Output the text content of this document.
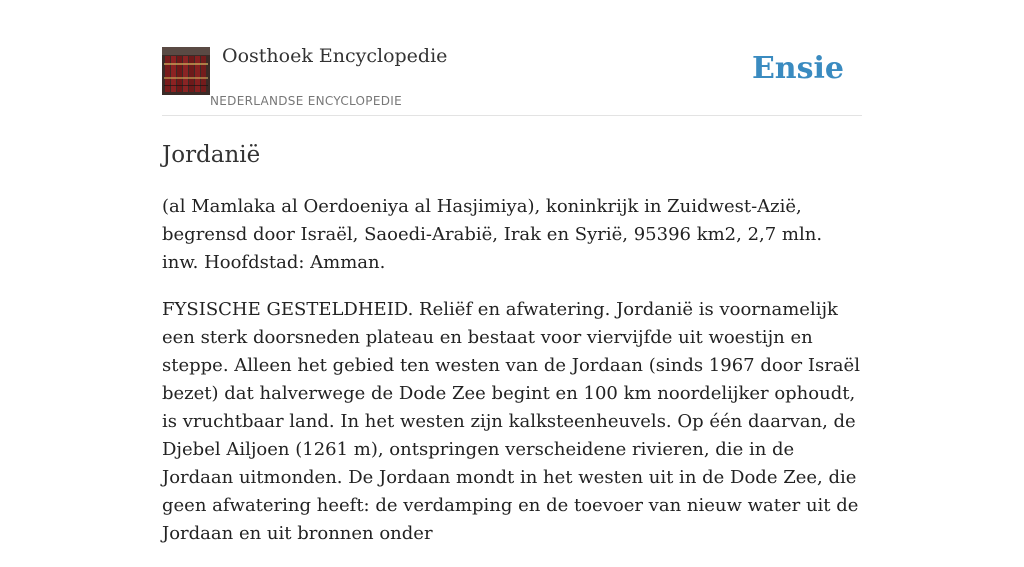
Oosthoek Encyclopedie
NEDERLANDSE ENCYCLOPEDIE
Ensie
Jordanië

(al Mamlaka al Oerdoeniya al Hasjimiya), koninkrijk in Zuidwest-Azië, begrensd door Israël, Saoedi-Arabië, Irak en Syrië, 95396 km2, 2,7 mln. inw. Hoofdstad: Amman.

FYSISCHE GESTELDHEID. Reliëf en afwatering. Jordanië is voornamelijk een sterk doorsneden plateau en bestaat voor viervijfde uit woestijn en steppe. Alleen het gebied ten westen van de Jordaan (sinds 1967 door Israël bezet) dat halverwege de Dode Zee begint en 100 km noordelijker ophoudt, is vruchtbaar land. In het westen zijn kalksteenheuvels. Op één daarvan, de Djebel Ailjoen (1261 m), ontspringen verscheidene rivieren, die in de Jordaan uitmonden. De Jordaan mondt in het westen uit in de Dode Zee, die geen afwatering heeft: de verdamping en de toevoer van nieuw water uit de Jordaan en uit bronnen onder
